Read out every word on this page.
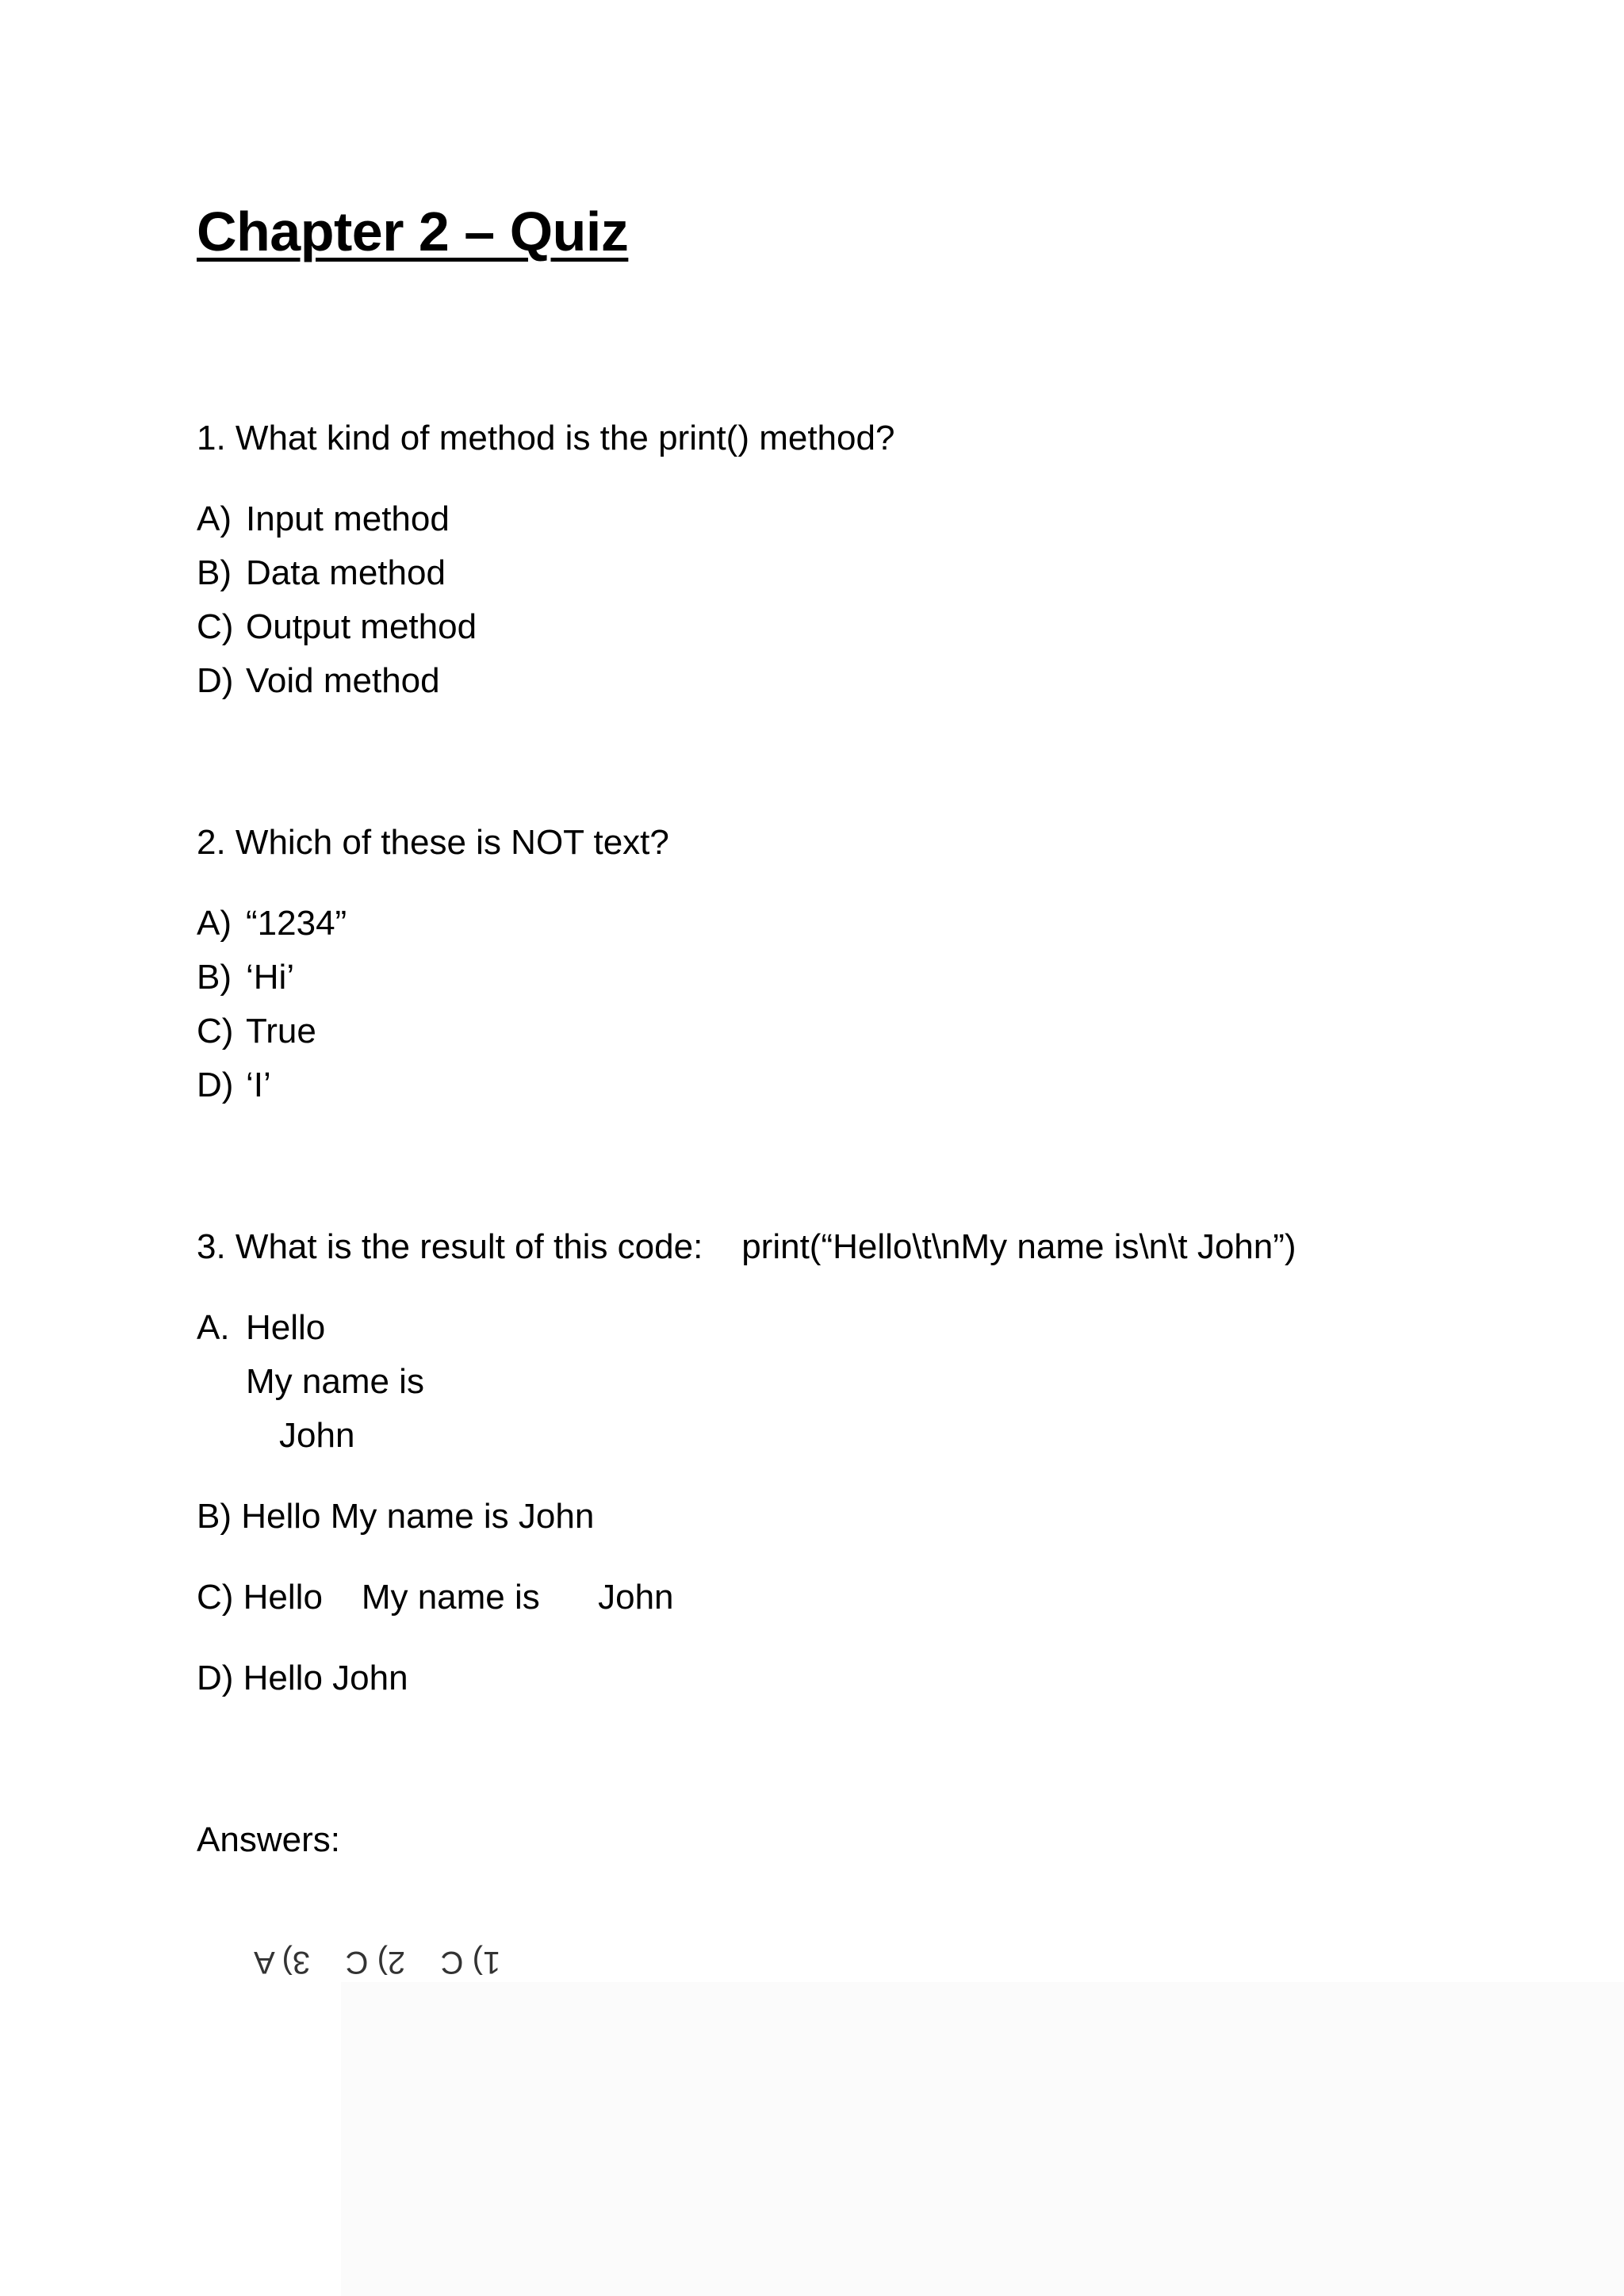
Chapter 2 – Quiz
1. What kind of method is the print() method?
A) Input method
B) Data method
C) Output method
D) Void method
2. Which of these is NOT text?
A) “1234”
B) ‘Hi’
C) True
D) ‘I’
3. What is the result of this code:    print(“Hello\t\nMy name is\n\t John”)
A. Hello
My name is
John
B) Hello My name is John
C) Hello    My name is      John
D) Hello John
Answers:
1) C    2) C    3) A
